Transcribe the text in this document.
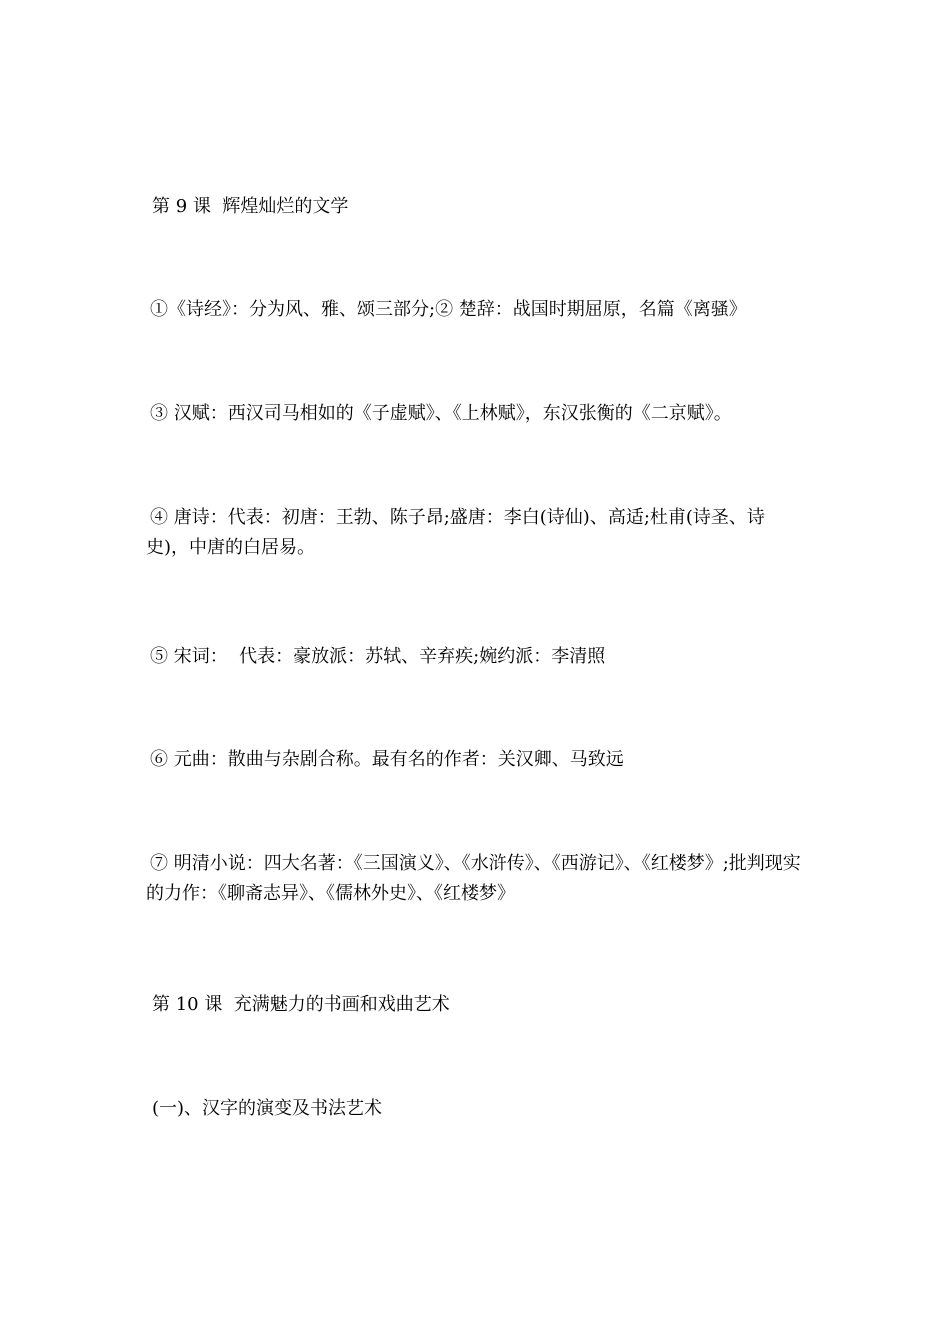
第 9 课  辉煌灿烂的文学

①《诗经》：分为风、雅、颂三部分;② 楚辞：战国时期屈原，名篇《离骚》

③ 汉赋：西汉司马相如的《子虚赋》、《上林赋》，东汉张衡的《二京赋》。

④ 唐诗：代表：初唐：王勃、陈子昂;盛唐：李白(诗仙)、高适;杜甫(诗圣、诗史)，中唐的白居易。

⑤ 宋词：  代表：豪放派：苏轼、辛弃疾;婉约派：李清照

⑥ 元曲：散曲与杂剧合称。最有名的作者：关汉卿、马致远

⑦ 明清小说：四大名著：《三国演义》、《水浒传》、《西游记》、《红楼梦》;批判现实的力作：《聊斋志异》、《儒林外史》、《红楼梦》

第 10 课  充满魅力的书画和戏曲艺术

(一)、汉字的演变及书法艺术
